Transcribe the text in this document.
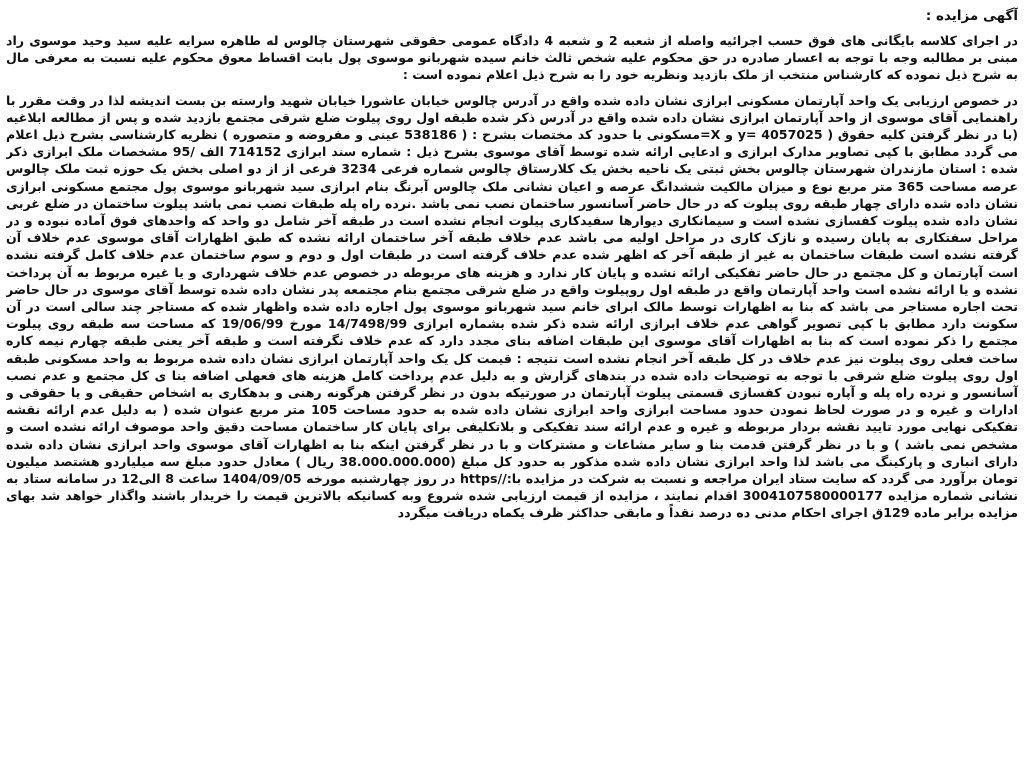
آگهی مزایده :

در اجرای کلاسه بایگانی های فوق حسب اجرائیه واصله از شعبه 2 و شعبه 4 دادگاه عمومی حقوقی شهرستان چالوس له طاهره سرایه علیه سید وحید موسوی راد مبنی بر مطالبه وجه با توجه به اعسار صادره در حق محکوم علیه شخص ثالث خانم سیده شهربانو موسوی پول بابت اقساط معوق محکوم علیه نسبت به معرفی مال به شرح ذیل نموده که کارشناس منتخب از ملک بازدید ونظریه خود را به شرح ذیل اعلام نموده است :

در خصوص ارزیابی یک واحد آپارتمان مسکونی ابرازی نشان داده شده واقع در آدرس چالوس خیابان عاشورا خیابان شهید وارسته بن بست اندیشه لذا در وقت مقرر با راهنمایی آقای موسوی از واحد آپارتمان ابرازی نشان داده شده واقع در آدرس ذکر شده طبقه اول روی پیلوت ضلع شرقی مجتمع بازدید شده و پس از مطالعه ابلاغیه (با در نظر گرفتن کلیه حقوق ( y= 4057025 و X=مسکونی با حدود کد مختصات بشرح : ( 538186 عینی و مفروضه و متصوره ) نظریه کارشناسی بشرح ذیل اعلام می گردد مطابق با کپی تصاویر مدارک ابرازی و ادعایی ارائه شده توسط آقای موسوی بشرح ذیل : شماره سند ابرازی 714152 الف /95 مشخصات ملک ابرازی ذکر شده : استان مازندران شهرستان چالوس بخش ثبتی یک ناحیه بخش یک کلارستاق چالوس شماره فرعی 3234 فرعی از از دو اصلی بخش یک حوزه ثبت ملک چالوس عرصه مساحت 365 متر مربع نوع و میزان مالکیت ششدانگ عرصه و اعیان نشانی ملک چالوس آبرنگ بنام ابرازی سید شهربانو موسوی پول مجتمع مسکونی ابرازی نشان داده شده دارای چهار طبقه روی پیلوت که در حال حاضر آسانسور ساختمان نصب نمی باشد .نرده راه پله طبقات نصب نمی باشد پیلوت ساختمان در ضلع غربی نشان داده شده پیلوت کفسازی نشده است و سیمانکاری دیوارها سفیدکاری پیلوت انجام نشده است در طبقه آخر شامل دو واحد که واحدهای فوق آماده نبوده و در مراحل سفتکاری به پایان رسیده و نازک کاری در مراحل اولیه می باشد عدم خلاف طبقه آخر ساختمان ارائه نشده که طبق اظهارات آقای موسوی عدم خلاف آن گرفته نشده است طبقات ساختمان به غیر از طبقه آخر که اظهر شده عدم خلاف گرفته است در طبقات اول و دوم و سوم ساختمان عدم خلاف کامل گرفته نشده است آپارتمان و کل مجتمع در حال حاضر تفکیکی ارائه نشده و پایان کار ندارد و هزینه های مربوطه در خصوص عدم خلاف شهرداری و یا غیره مربوط به آن پرداخت نشده و یا ارائه نشده است واحد آپارتمان واقع در طبقه اول روپیلوت واقع در ضلع شرقی مجتمع بنام مجتمعه پدر نشان داده شده توسط آقای موسوی در حال حاضر تحت اجاره مستاجر می باشد که بنا به اظهارات توسط مالک ابرای خانم سید شهربانو موسوی پول اجاره داده شده واظهار شده که مستاجر چند سالی است در آن سکونت دارد مطابق با کپی تصویر گواهی عدم خلاف ابرازی ارائه شده ذکر شده بشماره ابرازی 14/7498/99 مورخ 19/06/99 که مساحت سه طبقه روی پیلوت مجتمع را ذکر نموده است که بنا به اظهارات آقای موسوی این طبقات اضافه بنای مجدد دارد که عدم خلاف نگرفته است و طبقه آخر یعنی طبقه چهارم نیمه کاره ساخت فعلی روی پیلوت نیز عدم خلاف در کل طبقه آخر انجام نشده است نتیجه : قیمت کل یک واحد آپارتمان ابرازی نشان داده شده مربوط به واحد مسکونی طبقه اول روی پیلوت ضلع شرقی با توجه به توضیحات داده شده در بندهای گزارش و به دلیل عدم پرداخت کامل هزینه های فعهلی اضافه بنا ی کل مجتمع و عدم نصب آسانسور و نرده راه پله و آپاره نبودن کفسازی قسمتی پیلوت آپارتمان در صورتیکه بدون در نظر گرفتن هرگونه رهنی و بدهکاری به اشخاص حقیقی و یا حقوقی و ادارات و غیره و در صورت لحاظ نمودن حدود مساحت ابرازی واحد ابرازی نشان داده شده به حدود مساحت 105 متر مربع عنوان شده ( به دلیل عدم ارائه نقشه تفکیکی نهایی مورد تایید نقشه بردار مربوطه و غیره و عدم ارائه سند تفکیکی و بلاتکلیفی برای پایان کار ساختمان مساحت دقیق واحد موصوف ارائه نشده است و مشخص نمی باشد ) و با در نظر گرفتن قدمت بنا و سایر مشاعات و مشترکات و با در نظر گرفتن اینکه بنا به اظهارات آقای موسوی واحد ابرازی نشان داده شده دارای انباری و پارکینگ می باشد لذا واحد ابرازی نشان داده شده مذکور به حدود کل مبلغ (38.000.000.000 ریال ) معادل حدود مبلغ سه میلیاردو هشتصد میلیون تومان برآورد می گردد که سایت ستاد ایران مراجعه و نسبت به شرکت در مزایده با://https در روز چهارشنبه مورخه 1404/09/05 ساعت 8 الی12 در سامانه ستاد به نشانی شماره مزایده 3004107580000177 اقدام نمایند ، مزایده از قیمت ارزیابی شده شروع وبه کسانیکه بالاترین قیمت را خریدار باشند واگذار خواهد شد بهای مزایده برابر ماده 129ق اجرای احکام مدنی ده درصد نقداً و مابقی حداکثر ظرف یکماه دریافت میگردد
